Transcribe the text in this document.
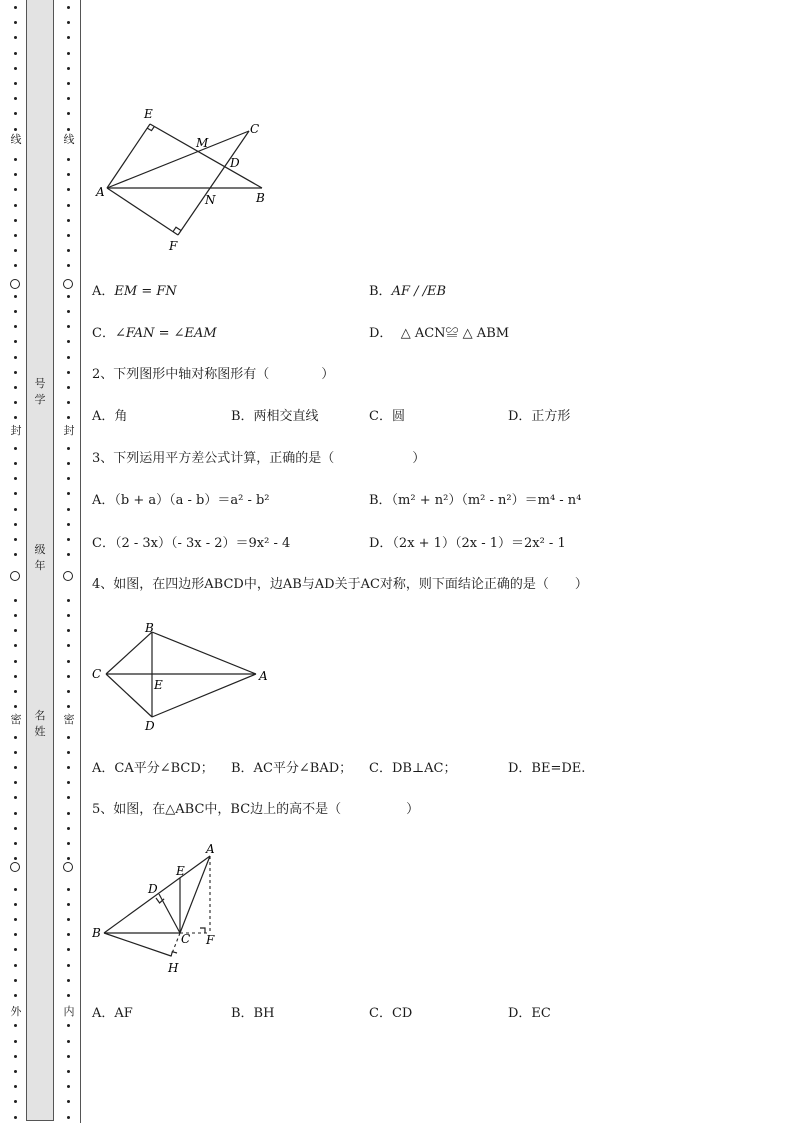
线
封
密
外
号
学
级
年
名
姓
线
封
密
内
E
C
M
D
A
N	B
F
A．EM = FN	B．AF / /EB
C．∠FAN = ∠EAM	D． △ ACN≌ △ ABM
2、下列图形中轴对称图形有（　　　　）
A．角	B．两相交直线	C．圆	D．正方形
3、下列运用平方差公式计算，正确的是（　　　　　　）
A．（b + a）（a - b）＝a² - b²	B．（m² + n²）（m² - n²）＝m⁴ - n⁴
C．（2 - 3x）（- 3x - 2）＝9x² - 4	D．（2x + 1）（2x - 1）＝2x² - 1
4、如图，在四边形ABCD中，边AB与AD关于AC对称，则下面结论正确的是（　　）
B
C
E
A
D
A．CA平分∠BCD； B．AC平分∠BAD； C．DB⊥AC；	D．BE=DE.
5、如图，在△ABC中，BC边上的高不是（　　　　　）
A
E
D
B	C F
H
A．AF	B．BH	C．CD	D．EC
